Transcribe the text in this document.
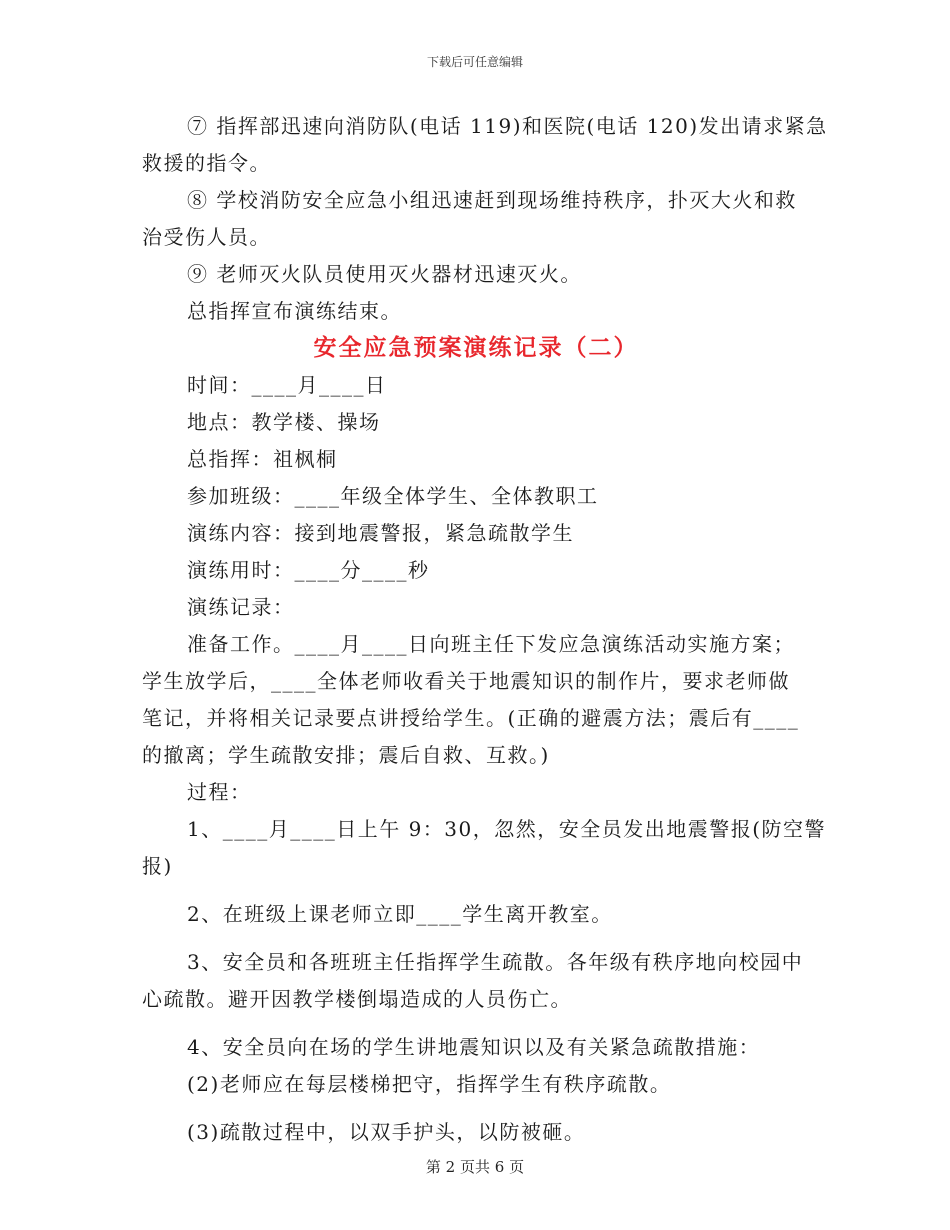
下载后可任意编辑
⑦ 指挥部迅速向消防队(电话 119)和医院(电话 120)发出请求紧急
救援的指令。
⑧ 学校消防安全应急小组迅速赶到现场维持秩序，扑灭大火和救
治受伤人员。
⑨ 老师灭火队员使用灭火器材迅速灭火。
总指挥宣布演练结束。
安全应急预案演练记录（二）
时间：____月____日
地点：教学楼、操场
总指挥：祖枫桐
参加班级：____年级全体学生、全体教职工
演练内容：接到地震警报，紧急疏散学生
演练用时：____分____秒
演练记录：
准备工作。____月____日向班主任下发应急演练活动实施方案；
学生放学后，____全体老师收看关于地震知识的制作片，要求老师做
笔记，并将相关记录要点讲授给学生。(正确的避震方法；震后有____
的撤离；学生疏散安排；震后自救、互救。)
过程：
1、____月____日上午 9：30，忽然，安全员发出地震警报(防空警
报)
2、在班级上课老师立即____学生离开教室。
3、安全员和各班班主任指挥学生疏散。各年级有秩序地向校园中
心疏散。避开因教学楼倒塌造成的人员伤亡。
4、安全员向在场的学生讲地震知识以及有关紧急疏散措施：
(2)老师应在每层楼梯把守，指挥学生有秩序疏散。
(3)疏散过程中，以双手护头，以防被砸。
第 2 页共 6 页
